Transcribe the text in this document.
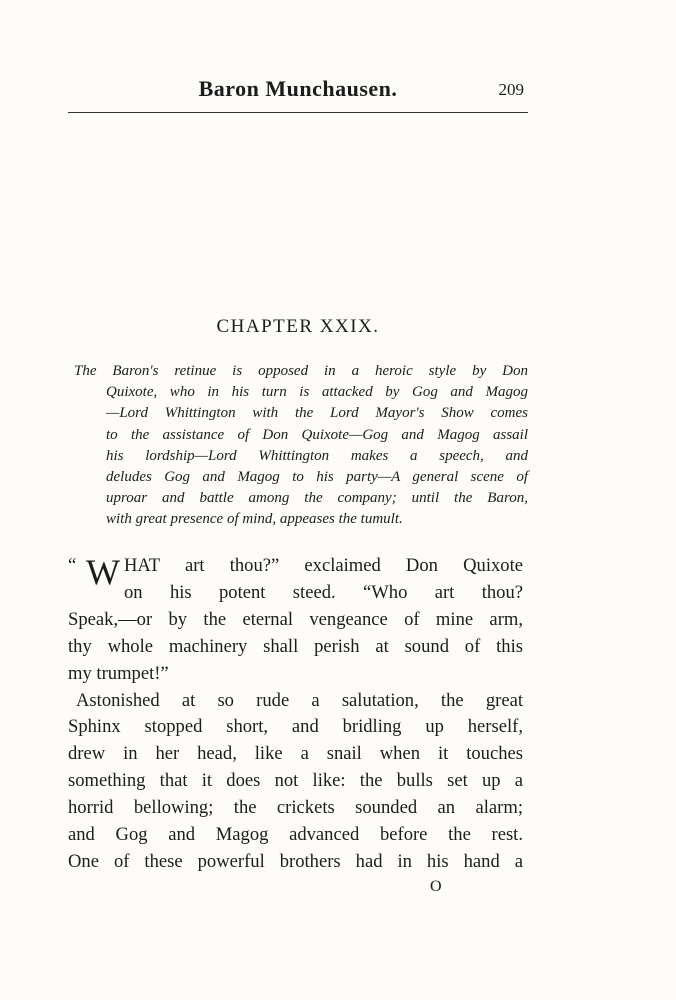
Baron Munchausen.	209
CHAPTER XXIX.
The Baron's retinue is opposed in a heroic style by Don
Quixote, who in his turn is attacked by Gog and Magog
—Lord Whittington with the Lord Mayor's Show comes
to the assistance of Don Quixote—Gog and Magog assail
his lordship—Lord Whittington makes a speech, and
deludes Gog and Magog to his party—A general scene of
uproar and battle among the company; until the Baron,
with great presence of mind, appeases the tumult.
“ W HAT art thou?” exclaimed Don Quixote
on his potent steed. “Who art thou?
Speak,—or by the eternal vengeance of mine arm,
thy whole machinery shall perish at sound of this
my trumpet!”
Astonished at so rude a salutation, the great
Sphinx stopped short, and bridling up herself,
drew in her head, like a snail when it touches
something that it does not like: the bulls set up a
horrid bellowing; the crickets sounded an alarm;
and Gog and Magog advanced before the rest.
One of these powerful brothers had in his hand a
O
